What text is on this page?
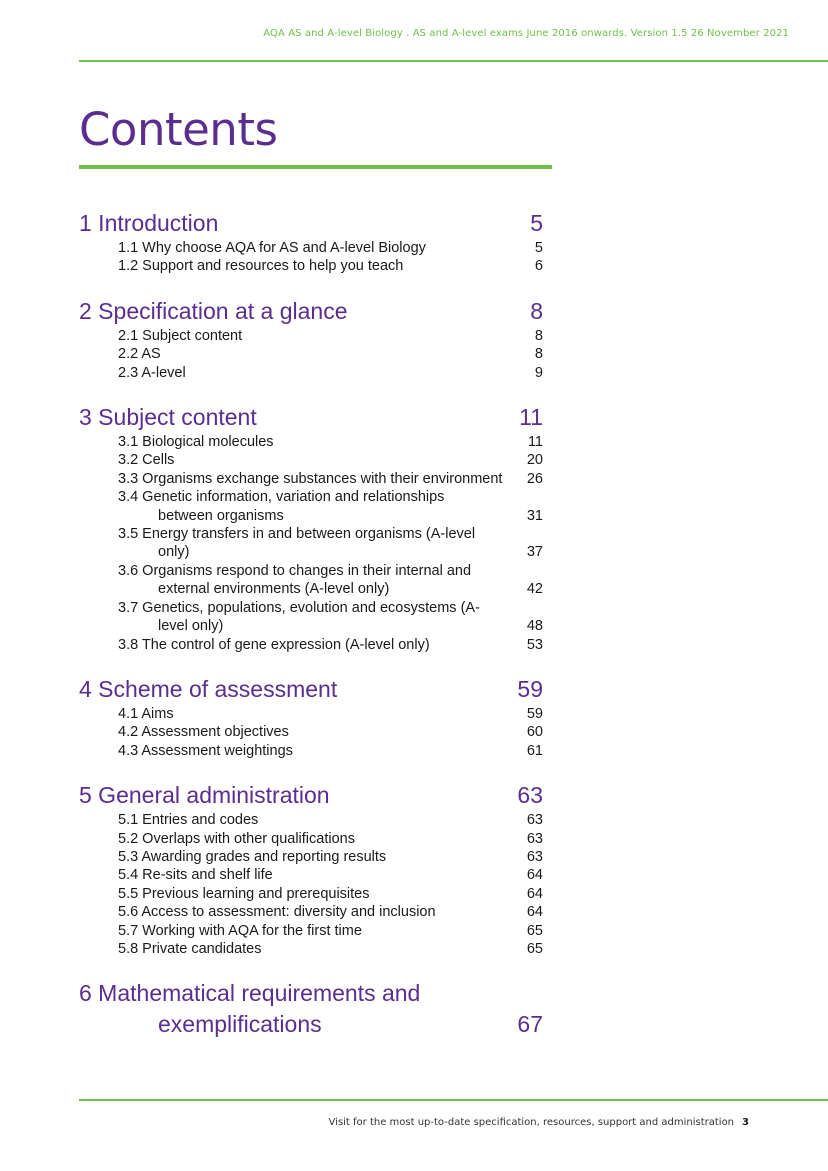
AQA AS and A-level Biology . AS and A-level exams June 2016 onwards. Version 1.5 26 November 2021
Contents
1 Introduction	5
1.1 Why choose AQA for AS and A-level Biology	5
1.2 Support and resources to help you teach	6
2 Specification at a glance	8
2.1 Subject content	8
2.2 AS	8
2.3 A-level	9
3 Subject content	11
3.1 Biological molecules	11
3.2 Cells	20
3.3 Organisms exchange substances with their environment	26
3.4 Genetic information, variation and relationships between organisms	31
3.5 Energy transfers in and between organisms (A-level only)	37
3.6 Organisms respond to changes in their internal and external environments (A-level only)	42
3.7 Genetics, populations, evolution and ecosystems (A-level only)	48
3.8 The control of gene expression (A-level only)	53
4 Scheme of assessment	59
4.1 Aims	59
4.2 Assessment objectives	60
4.3 Assessment weightings	61
5 General administration	63
5.1 Entries and codes	63
5.2 Overlaps with other qualifications	63
5.3 Awarding grades and reporting results	63
5.4 Re-sits and shelf life	64
5.5 Previous learning and prerequisites	64
5.6 Access to assessment: diversity and inclusion	64
5.7 Working with AQA for the first time	65
5.8 Private candidates	65
6 Mathematical requirements and exemplifications	67
Visit for the most up-to-date specification, resources, support and administration 3
